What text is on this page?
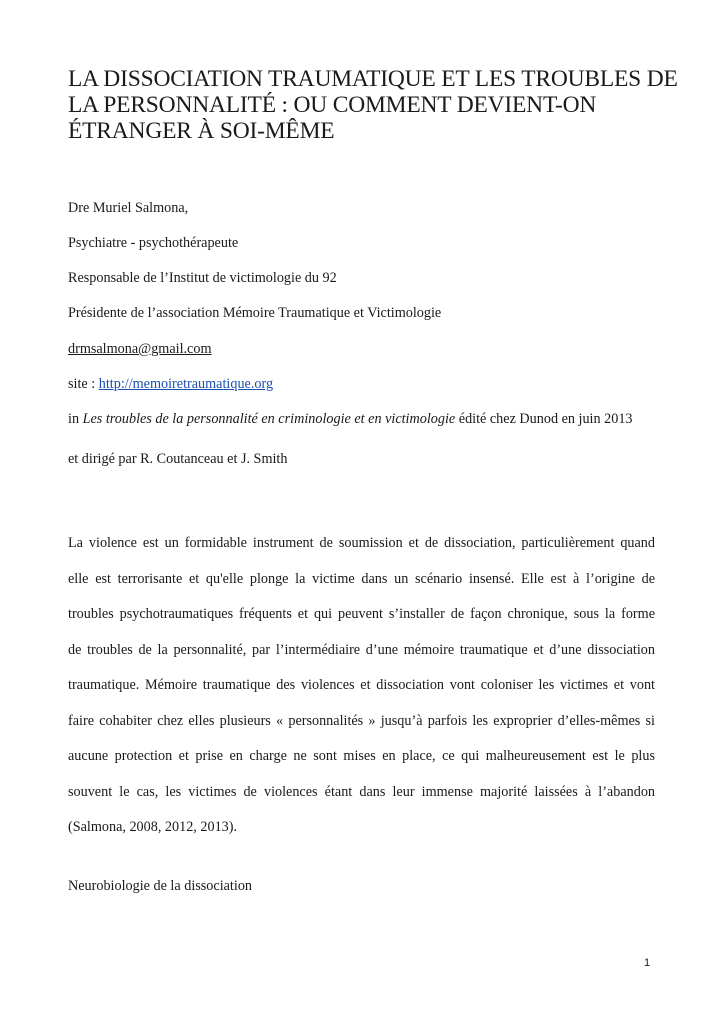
LA DISSOCIATION TRAUMATIQUE ET LES TROUBLES DE
LA PERSONNALITÉ : OU COMMENT DEVIENT-ON
ÉTRANGER À SOI-MÊME
Dre Muriel Salmona,
Psychiatre - psychothérapeute
Responsable de l’Institut de victimologie du 92
Présidente de l’association Mémoire Traumatique et Victimologie
drmsalmona@gmail.com
site : http://memoiretraumatique.org
in Les troubles de la personnalité en criminologie et en victimologie édité chez Dunod en juin 2013
et dirigé par R. Coutanceau et J. Smith
La violence est un formidable instrument de soumission et de dissociation, particulièrement quand
elle est terrorisante et qu'elle plonge la victime dans un scénario insensé. Elle est à l’origine de
troubles psychotraumatiques fréquents et qui peuvent s’installer de façon chronique, sous la forme
de troubles de la personnalité, par l’intermédiaire d’une mémoire traumatique et d’une dissociation
traumatique. Mémoire traumatique des violences et dissociation vont coloniser les victimes et vont
faire cohabiter chez elles plusieurs « personnalités » jusqu’à parfois les exproprier d’elles-mêmes si
aucune protection et prise en charge ne sont mises en place, ce qui malheureusement est le plus
souvent le cas, les victimes de violences étant dans leur immense majorité laissées à l’abandon
(Salmona, 2008, 2012, 2013).
Neurobiologie de la dissociation
1
